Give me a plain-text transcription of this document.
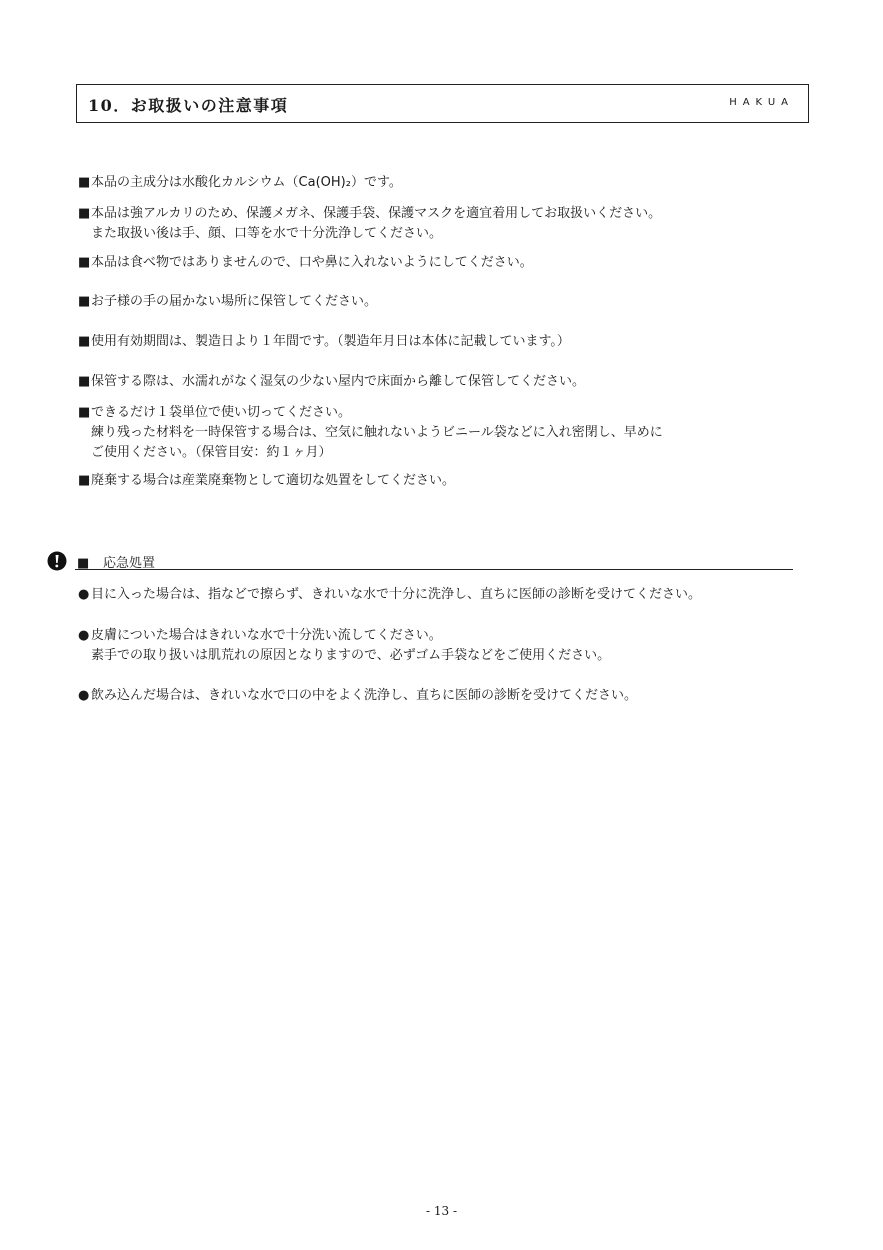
10．お取扱いの注意事項	HAKUA
■本品の主成分は水酸化カルシウム（Ca(OH)₂）です。
■本品は強アルカリのため、保護メガネ、保護手袋、保護マスクを適宜着用してお取扱いください。
また取扱い後は手、顔、口等を水で十分洗浄してください。
■本品は食べ物ではありませんので、口や鼻に入れないようにしてください。
■お子様の手の届かない場所に保管してください。
■使用有効期間は、製造日より１年間です。（製造年月日は本体に記載しています。）
■保管する際は、水濡れがなく湿気の少ない屋内で床面から離して保管してください。
■できるだけ１袋単位で使い切ってください。
練り残った材料を一時保管する場合は、空気に触れないようビニール袋などに入れ密閉し、早めに
ご使用ください。（保管目安：約１ヶ月）
■廃棄する場合は産業廃棄物として適切な処置をしてください。
■ 応急処置
● 目に入った場合は、指などで擦らず、きれいな水で十分に洗浄し、直ちに医師の診断を受けてください。
● 皮膚についた場合はきれいな水で十分洗い流してください。
素手での取り扱いは肌荒れの原因となりますので、必ずゴム手袋などをご使用ください。
● 飲み込んだ場合は、きれいな水で口の中をよく洗浄し、直ちに医師の診断を受けてください。
- 13 -
